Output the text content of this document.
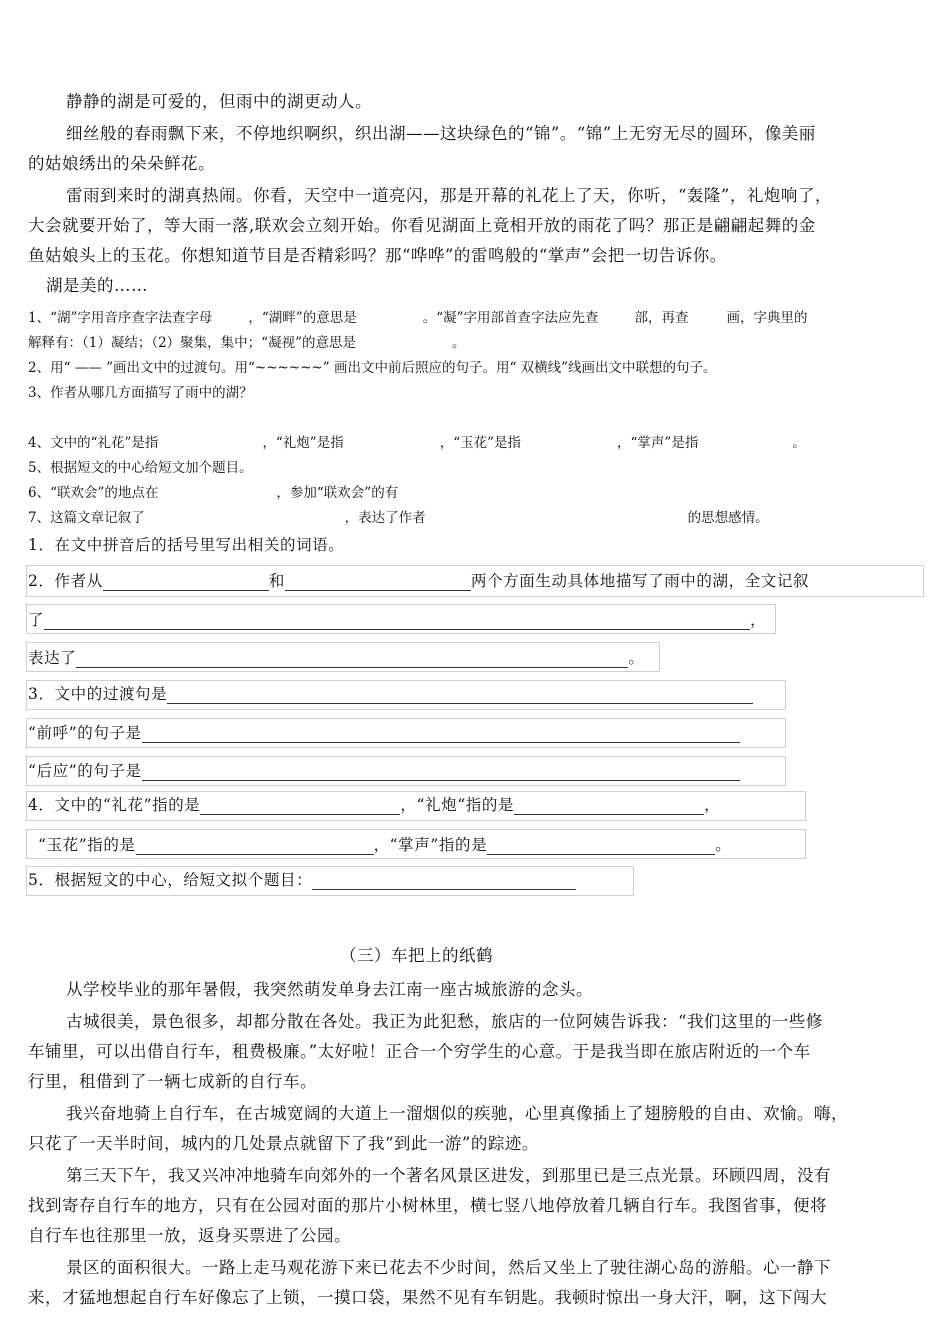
静静的湖是可爱的，但雨中的湖更动人。
细丝般的春雨飘下来，不停地织啊织，织出湖——这块绿色的“锦”。“锦”上无穷无尽的圆环，像美丽
的姑娘绣出的朵朵鲜花。
雷雨到来时的湖真热闹。你看，天空中一道亮闪，那是开幕的礼花上了天，你听，“轰隆”，礼炮响了，
大会就要开始了，等大雨一落,联欢会立刻开始。你看见湖面上竟相开放的雨花了吗？那正是翩翩起舞的金
鱼姑娘头上的玉花。你想知道节目是否精彩吗？那“哗哗”的雷鸣般的“掌声”会把一切告诉你。
湖是美的……
1、“湖”字用音序查字法查字母	，“湖畔”的意思是	。“凝”字用部首查字法应先查	部，再查	画，字典里的
解释有：（1）凝结；（2）聚集，集中；“凝视”的意思是	。
2、用“ —— ”画出文中的过渡句。用“~~~~~~” 画出文中前后照应的句子。用“ 双横线”线画出文中联想的句子。
3、作者从哪几方面描写了雨中的湖？
4、文中的“礼花”是指	，“礼炮”是指	，“玉花”是指	，“掌声”是指	。
5、根据短文的中心给短文加个题目。
6、“联欢会”的地点在	，参加“联欢会”的有
7、这篇文章记叙了	，表达了作者	的思想感情。
1．在文中拼音后的括号里写出相关的词语。
2．作者从	和	两个方面生动具体地描写了雨中的湖，全文记叙
了	，
表达了	。
3．文中的过渡句是
“前呼”的句子是
“后应”的句子是
4．文中的“礼花”指的是	，“礼炮“指的是	，
“玉花”指的是	，“掌声”指的是	。
5．根据短文的中心，给短文拟个题目：
（三）车把上的纸鹤
从学校毕业的那年暑假，我突然萌发单身去江南一座古城旅游的念头。
古城很美，景色很多，却都分散在各处。我正为此犯愁，旅店的一位阿姨告诉我：“我们这里的一些修
车铺里，可以出借自行车，租费极廉。”太好啦！正合一个穷学生的心意。于是我当即在旅店附近的一个车
行里，租借到了一辆七成新的自行车。
我兴奋地骑上自行车，在古城宽阔的大道上一溜烟似的疾驰，心里真像插上了翅膀般的自由、欢愉。嗨，
只花了一天半时间，城内的几处景点就留下了我“到此一游”的踪迹。
第三天下午，我又兴冲冲地骑车向郊外的一个著名风景区进发，到那里已是三点光景。环顾四周，没有
找到寄存自行车的地方，只有在公园对面的那片小树林里，横七竖八地停放着几辆自行车。我图省事，便将
自行车也往那里一放，返身买票进了公园。
景区的面积很大。一路上走马观花游下来已花去不少时间，然后又坐上了驶往湖心岛的游船。心一静下
来，才猛地想起自行车好像忘了上锁，一摸口袋，果然不见有车钥匙。我顿时惊出一身大汗，啊，这下闯大
